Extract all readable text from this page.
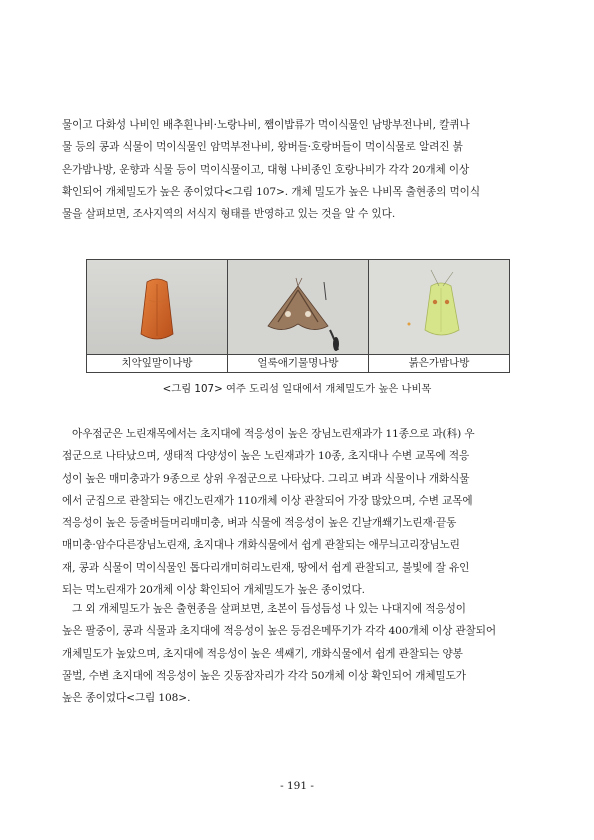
물이고 다화성 나비인 배추흰나비·노랑나비, 쨈이밥류가 먹이식물인 남방부전나비, 칼퀴나
물 등의 콩과 식물이 먹이식물인 암먹부전나비, 왕버들·호랑버들이 먹이식물로 알려진 붉
은가밤나방, 운향과 식물 등이 먹이식물이고, 대형 나비종인 호랑나비가 각각 20개체 이상
확인되어 개체밀도가 높은 종이었다<그림 107>. 개체 밀도가 높은 나비목 출현종의 먹이식
물을 살펴보면, 조사지역의 서식지 형태를 반영하고 있는 것을 알 수 있다.
치악잎말이나방	얼룩애기물명나방	붉은가밤나방
<그림 107> 여주 도리섬 일대에서 개체밀도가 높은 나비목
아우점군은 노린재목에서는 초지대에 적응성이 높은 장님노린재과가 11종으로 과(科) 우
점군으로 나타났으며, 생태적 다양성이 높은 노린재과가 10종, 초지대나 수변 교목에 적응
성이 높은 매미충과가 9종으로 상위 우점군으로 나타났다. 그리고 벼과 식물이나 개화식물
에서 군집으로 관찰되는 애긴노린재가 110개체 이상 관찰되어 가장 많았으며, 수변 교목에
적응성이 높은 등줄버들머리매미충, 벼과 식물에 적응성이 높은 긴날개쐐기노린재·끝동
매미충·암수다른장님노린재, 초지대나 개화식물에서 쉽게 관찰되는 애무늬고리장님노린
재, 콩과 식물이 먹이식물인 톱다리개미허리노린재, 땅에서 쉽게 관찰되고, 불빛에 잘 유인
되는 먹노린재가 20개체 이상 확인되어 개체밀도가 높은 종이었다.
그 외 개체밀도가 높은 출현종을 살펴보면, 초본이 듬성듬성 나 있는 나대지에 적응성이
높은 팔중이, 콩과 식물과 초지대에 적응성이 높은 등검은메뚜기가 각각 400개체 이상 관찰되어
개체밀도가 높았으며, 초지대에 적응성이 높은 섹쌔기, 개화식물에서 쉽게 관찰되는 양봉
꿀벌, 수변 초지대에 적응성이 높은 깃동잠자리가 각각 50개체 이상 확인되어 개체밀도가
높은 종이었다<그림 108>.
- 191 -
